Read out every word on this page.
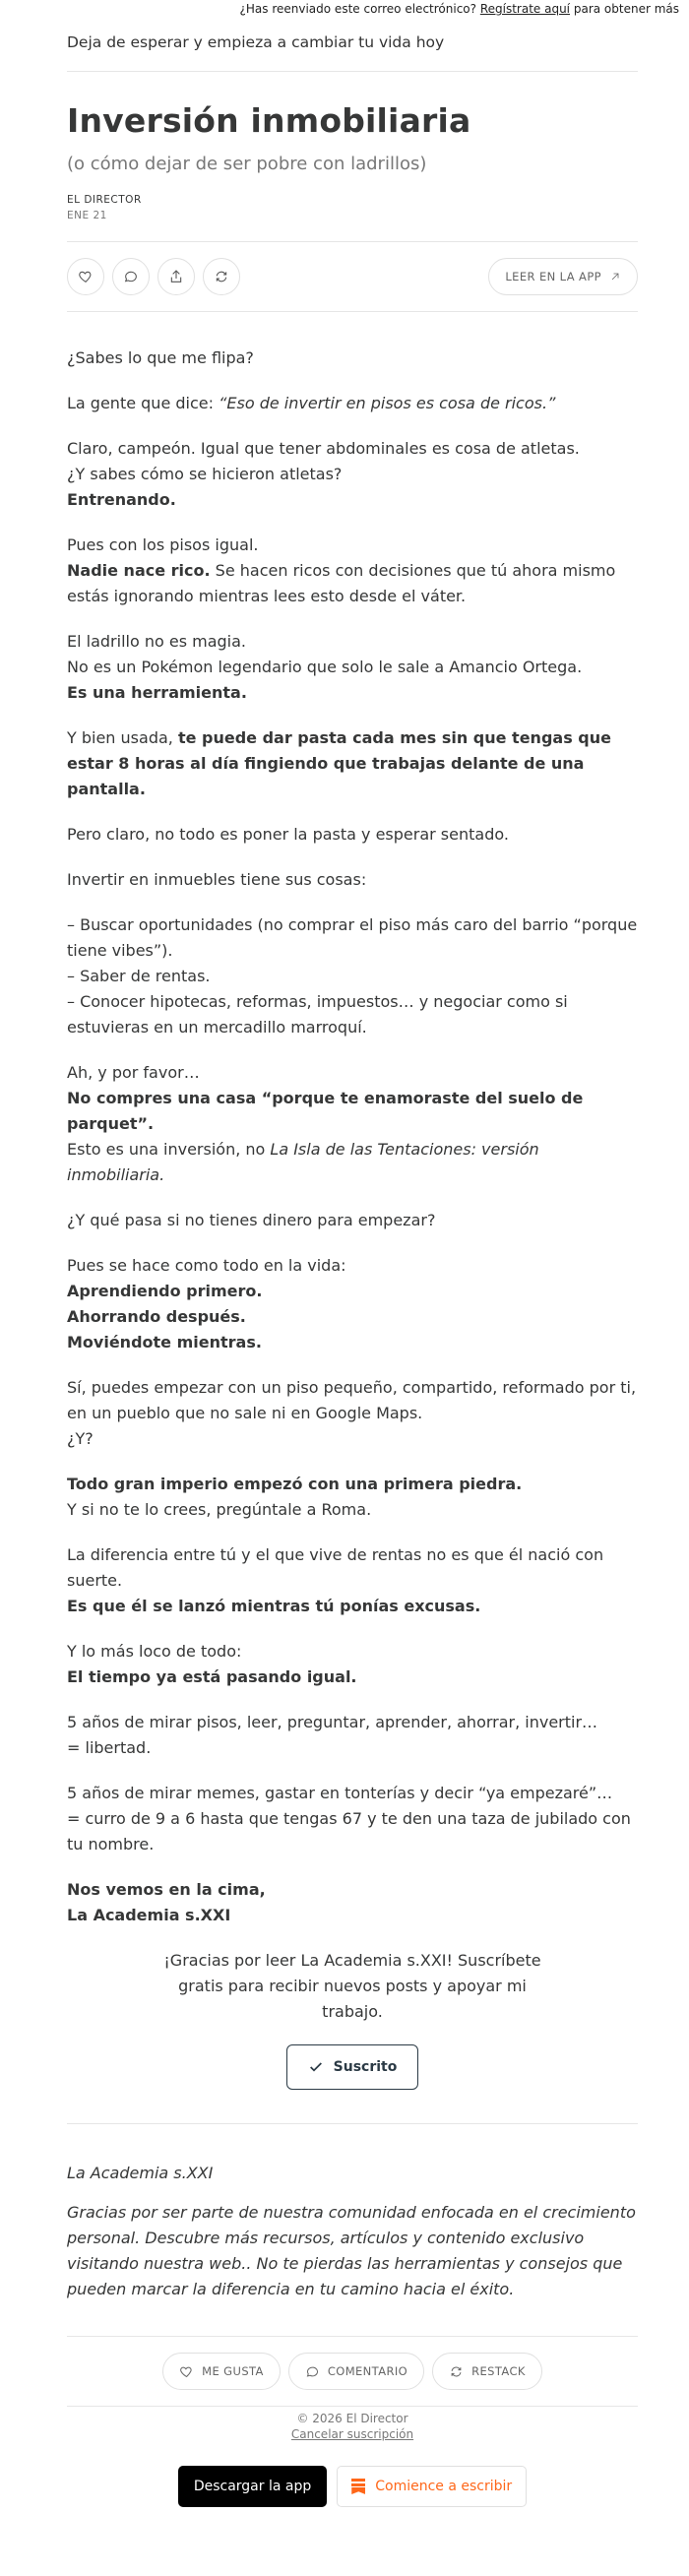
¿Has reenviado este correo electrónico? Regístrate aquí para obtener más
Deja de esperar y empieza a cambiar tu vida hoy
Inversión inmobiliaria
(o cómo dejar de ser pobre con ladrillos)
EL DIRECTOR
ENE 21
LEER EN LA APP

¿Sabes lo que me flipa?

La gente que dice: “Eso de invertir en pisos es cosa de ricos.”

Claro, campeón. Igual que tener abdominales es cosa de atletas.
¿Y sabes cómo se hicieron atletas?
Entrenando.

Pues con los pisos igual.
Nadie nace rico. Se hacen ricos con decisiones que tú ahora mismo estás ignorando mientras lees esto desde el váter.

El ladrillo no es magia.
No es un Pokémon legendario que solo le sale a Amancio Ortega.
Es una herramienta.

Y bien usada, te puede dar pasta cada mes sin que tengas que estar 8 horas al día fingiendo que trabajas delante de una pantalla.

Pero claro, no todo es poner la pasta y esperar sentado.

Invertir en inmuebles tiene sus cosas:

– Buscar oportunidades (no comprar el piso más caro del barrio “porque tiene vibes”).
– Saber de rentas.
– Conocer hipotecas, reformas, impuestos… y negociar como si estuvieras en un mercadillo marroquí.

Ah, y por favor…
No compres una casa “porque te enamoraste del suelo de parquet”.
Esto es una inversión, no La Isla de las Tentaciones: versión inmobiliaria.

¿Y qué pasa si no tienes dinero para empezar?

Pues se hace como todo en la vida:
Aprendiendo primero.
Ahorrando después.
Moviéndote mientras.

Sí, puedes empezar con un piso pequeño, compartido, reformado por ti, en un pueblo que no sale ni en Google Maps.
¿Y?

Todo gran imperio empezó con una primera piedra.
Y si no te lo crees, pregúntale a Roma.

La diferencia entre tú y el que vive de rentas no es que él nació con suerte.
Es que él se lanzó mientras tú ponías excusas.

Y lo más loco de todo:
El tiempo ya está pasando igual.

5 años de mirar pisos, leer, preguntar, aprender, ahorrar, invertir…
= libertad.

5 años de mirar memes, gastar en tonterías y decir “ya empezaré”…
= curro de 9 a 6 hasta que tengas 67 y te den una taza de jubilado con tu nombre.

Nos vemos en la cima,
La Academia s.XXI

¡Gracias por leer La Academia s.XXI! Suscríbete gratis para recibir nuevos posts y apoyar mi trabajo.
Suscrito
La Academia s.XXI
Gracias por ser parte de nuestra comunidad enfocada en el crecimiento personal. Descubre más recursos, artículos y contenido exclusivo visitando nuestra web.. No te pierdas las herramientas y consejos que pueden marcar la diferencia en tu camino hacia el éxito.
ME GUSTA	COMENTARIO	RESTACK
© 2026 El Director
Cancelar suscripción
Descargar la app	Comience a escribir
